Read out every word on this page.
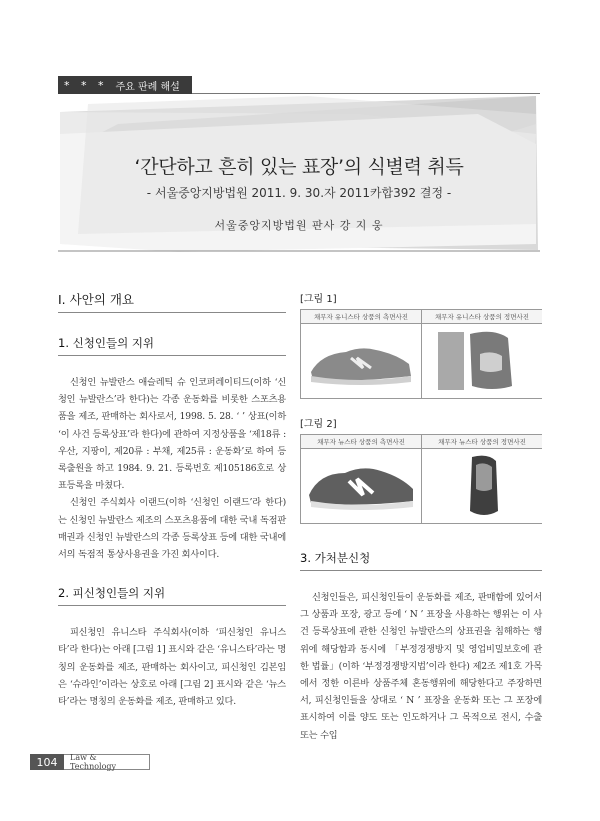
* * * 주요 판례 해설
‘간단하고 흔히 있는 표장’의 식별력 취득
- 서울중앙지방법원 2011. 9. 30.자 2011카합392 결정 -
서울중앙지방법원 판사 강 지 웅
I. 사안의 개요
1. 신청인들의 지위

신청인 뉴발란스 애슬레틱 슈 인코퍼레이티드(이하 ‘신청인 뉴발란스’라 한다)는 각종 운동화를 비롯한 스포츠용품을 제조, 판매하는 회사로서, 1998. 5. 28. ‘ ’ 상표(이하 ‘이 사건 등록상표’라 한다)에 관하여 지정상품을 ‘제18류 : 우산, 지팡이, 제20류 : 부채, 제25류 : 운동화’로 하여 등록출원을 하고 1984. 9. 21. 등록번호 제105186호로 상표등록을 마쳤다.

신청인 주식회사 이랜드(이하 ‘신청인 이랜드’라 한다)는 신청인 뉴발란스 제조의 스포츠용품에 대한 국내 독점판매권과 신청인 뉴발란스의 각종 등록상표 등에 대한 국내에서의 독점적 통상사용권을 가진 회사이다.

2. 피신청인들의 지위

피신청인 유니스타 주식회사(이하 ‘피신청인 유니스타’라 한다)는 아래 [그림 1] 표시와 같은 ‘유니스타’라는 명칭의 운동화를 제조, 판매하는 회사이고, 피신청인 김본임은 ‘슈라인’이라는 상호로 아래 [그림 2] 표시와 같은 ‘뉴스타’라는 명칭의 운동화를 제조, 판매하고 있다.

[그림 1]
채무자 유니스타 상품의 측면사진	채무자 유니스타 상품의 정면사진
[그림 2]
채무자 뉴스타 상품의 측면사진	채무자 뉴스타 상품의 정면사진
3. 가처분신청

신청인들은, 피신청인들이 운동화를 제조, 판매함에 있어서 그 상품과 포장, 광고 등에 ‘ N ’ 표장을 사용하는 행위는 이 사건 등록상표에 관한 신청인 뉴발란스의 상표권을 침해하는 행위에 해당함과 동시에 「부정경쟁방지 및 영업비밀보호에 관한 법률」(이하 ‘부정경쟁방지법’이라 한다) 제2조 제1호 가목에서 정한 이른바 상품주체 혼동행위에 해당한다고 주장하면서, 피신청인들을 상대로 ‘ N ’ 표장을 운동화 또는 그 포장에 표시하여 이를 양도 또는 인도하거나 그 목적으로 전시, 수출 또는 수입

104	Law & Technology
